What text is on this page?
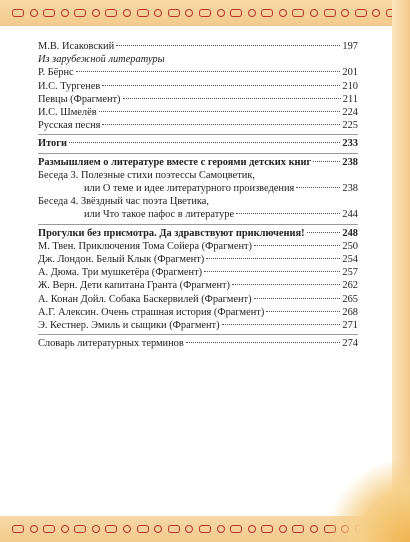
М.В. Исаковский	197
Из зарубежной литературы
Р. Бёрнс	201
И.С. Тургенев	210
Певцы (Фрагмент)	211
И.С. Шмелёв	224
Русская песня	225
Итоги	233
Размышляем о литературе вместе с героями детских книг	238
Беседа 3. Полезные стихи поэтессы Самоцветик,
или О теме и идее литературного произведения	238
Беседа 4. Звёздный час поэта Цветика,
или Что такое пафос в литературе	244
Прогулки без присмотра. Да здравствуют приключения!	248
М. Твен. Приключения Тома Сойера (Фрагмент)	250
Дж. Лондон. Белый Клык (Фрагмент)	254
А. Дюма. Три мушкетёра (Фрагмент)	257
Ж. Верн. Дети капитана Гранта (Фрагмент)	262
А. Конан Дойл. Собака Баскервилей (Фрагмент)	265
А.Г. Алексин. Очень страшная история (Фрагмент)	268
Э. Кестнер. Эмиль и сыщики (Фрагмент)	271
Словарь литературных терминов	274
